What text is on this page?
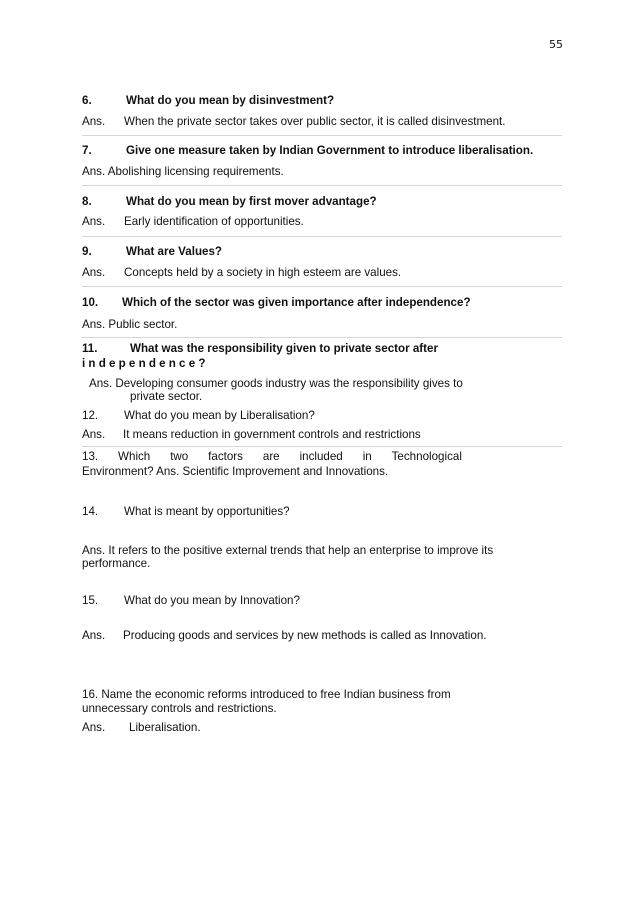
55
6.	What do you mean by disinvestment?
Ans. When the private sector takes over public sector, it is called disinvestment.
7.	Give one measure taken by Indian Government to introduce liberalisation.
Ans. Abolishing licensing requirements.
8.	What do you mean by first mover advantage?
Ans. Early identification of opportunities.
9.	What are Values?
Ans. Concepts held by a society in high esteem are values.
10. Which of the sector was given importance after independence?
Ans. Public sector.
11.	What was the responsibility given to private sector after
independence?
Ans. Developing consumer goods industry was the responsibility gives to
private sector.
12. What do you mean by Liberalisation?
Ans. It means reduction in government controls and restrictions
13. Which two factors are included in Technological
Environment? Ans. Scientific Improvement and Innovations.
14. What is meant by opportunities?
Ans. It refers to the positive external trends that help an enterprise to improve its
performance.
15. What do you mean by Innovation?
Ans. Producing goods and services by new methods is called as Innovation.
16. Name the economic reforms introduced to free Indian business from
unnecessary controls and restrictions.
Ans. Liberalisation.
